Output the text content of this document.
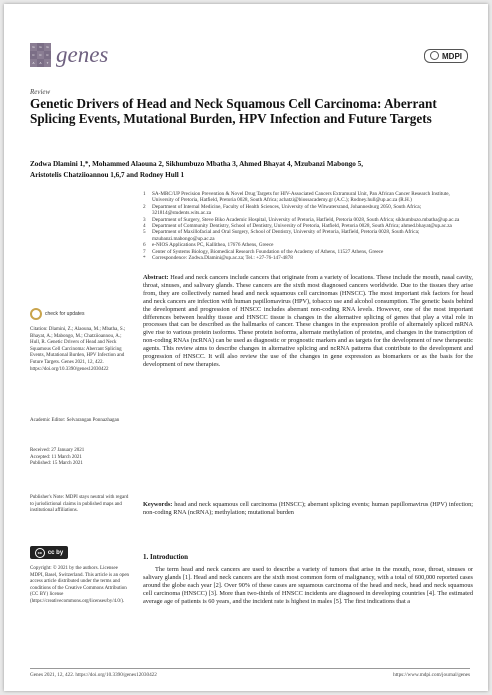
G	G	G
C	C	C
A	A	T genes	MDPI
Review
Genetic Drivers of Head and Neck Squamous Cell Carcinoma: Aberrant Splicing Events, Mutational Burden, HPV Infection and Future Targets
Zodwa Dlamini 1,*, Mohammed Alaouna 2, Sikhumbuzo Mbatha 3, Ahmed Bhayat 4, Mzubanzi Mabongo 5,
Aristotelis Chatziioannou 1,6,7 and Rodney Hull 1
1	SA-MRC/UP Precision Prevention & Novel Drug Targets for HIV-Associated Cancers Extramural Unit, Pan African Cancer Research Institute, University of Pretoria, Hatfield, Pretoria 0028, South Africa; achatzi@biossacademy.gr (A.C.); Rodney.hull@up.ac.za (R.H.)
2	Department of Internal Medicine, Faculty of Health Sciences, University of the Witwatersrand, Johannesburg 2050, South Africa; 321814@students.wits.ac.za
3	Department of Surgery, Steve Biko Academic Hospital, University of Pretoria, Hatfield, Pretoria 0028, South Africa; sikhumbuzo.mbatha@up.ac.za
4	Department of Community Dentistry, School of Dentistry, University of Pretoria, Hatfield, Pretoria 0028, South Africa; ahmed.bhayat@up.ac.za
5	Department of Maxillofacial and Oral Surgery, School of Dentistry, University of Pretoria, Hatfield, Pretoria 0028, South Africa; mzubanzi.mabongo@up.ac.za
6	e-NIOS Applications PC, Kallithea, 17676 Athens, Greece
7	Center of Systems Biology, Biomedical Research Foundation of the Academy of Athens, 11527 Athens, Greece
*	Correspondence: Zodwa.Dlamini@up.ac.za; Tel.: +27-76-147-4878
check for updates
Citation: Dlamini, Z.; Alaouna, M.; Mbatha, S.; Bhayat, A.; Mabongo, M.; Chatziioannou, A.; Hull, R. Genetic Drivers of Head and Neck Squamous Cell Carcinoma: Aberrant Splicing Events, Mutational Burden, HPV Infection and Future Targets. Genes 2021, 12, 422. https://doi.org/10.3390/genes12030422
Academic Editor: Selvarangan Ponnazhagan
Received: 27 January 2021
Accepted: 11 March 2021
Published: 15 March 2021
Publisher's Note: MDPI stays neutral with regard to jurisdictional claims in published maps and institutional affiliations.
cc cc by
Copyright: © 2021 by the authors. Licensee MDPI, Basel, Switzerland. This article is an open access article distributed under the terms and conditions of the Creative Commons Attribution (CC BY) license (https://creativecommons.org/licenses/by/4.0/).
Abstract: Head and neck cancers include cancers that originate from a variety of locations. These include the mouth, nasal cavity, throat, sinuses, and salivary glands. These cancers are the sixth most diagnosed cancers worldwide. Due to the tissues they arise from, they are collectively named head and neck squamous cell carcinomas (HNSCC). The most important risk factors for head and neck cancers are infection with human papillomavirus (HPV), tobacco use and alcohol consumption. The genetic basis behind the development and progression of HNSCC includes aberrant non-coding RNA levels. However, one of the most important differences between healthy tissue and HNSCC tissue is changes in the alternative splicing of genes that play a vital role in processes that can be described as the hallmarks of cancer. These changes in the expression profile of alternately spliced mRNA give rise to various protein isoforms. These protein isoforms, alternate methylation of proteins, and changes in the transcription of non-coding RNAs (ncRNA) can be used as diagnostic or prognostic markers and as targets for the development of new therapeutic agents. This review aims to describe changes in alternative splicing and ncRNA patterns that contribute to the development and progression of HNSCC. It will also review the use of the changes in gene expression as biomarkers or as the basis for the development of new therapies.
Keywords: head and neck squamous cell carcinoma (HNSCC); aberrant splicing events; human papillomavirus (HPV) infection; non-coding RNA (ncRNA); methylation; mutational burden
1. Introduction
The term head and neck cancers are used to describe a variety of tumors that arise in the mouth, nose, throat, sinuses or salivary glands [1]. Head and neck cancers are the sixth most common form of malignancy, with a total of 600,000 reported cases around the globe each year [2]. Over 90% of these cases are squamous carcinoma of the head and neck, head and neck squamous cell carcinoma (HNSCC) [3]. More than two-thirds of HNSCC incidents are diagnosed in developing countries [4]. The estimated average age of patients is 60 years, and the incident rate is highest in males [5]. The first indications that a
Genes 2021, 12, 422. https://doi.org/10.3390/genes12030422	https://www.mdpi.com/journal/genes
